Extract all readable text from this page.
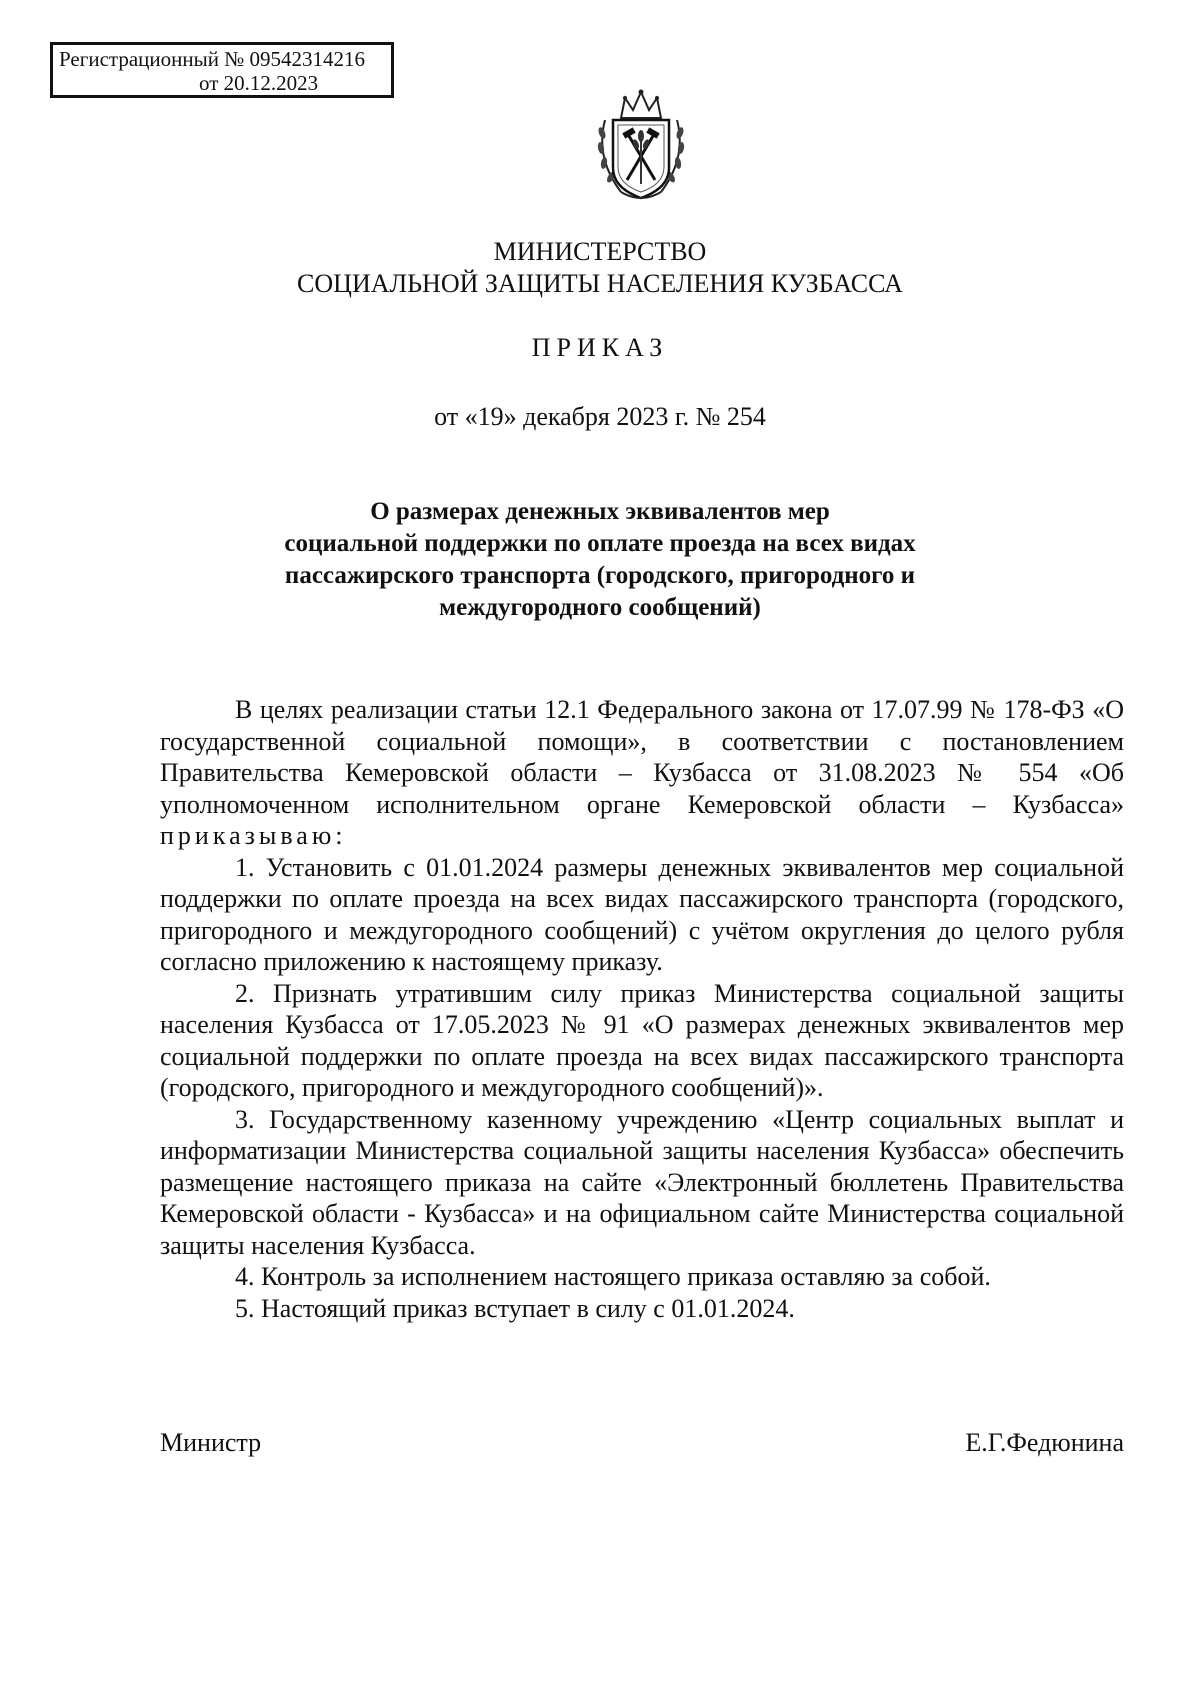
Регистрационный № 09542314216
от 20.12.2023
МИНИСТЕРСТВО
СОЦИАЛЬНОЙ ЗАЩИТЫ НАСЕЛЕНИЯ КУЗБАССА
ПРИКАЗ
от «19» декабря 2023 г. № 254
О размерах денежных эквивалентов мер
социальной поддержки по оплате проезда на всех видах
пассажирского транспорта (городского, пригородного и
междугородного сообщений)

В целях реализации статьи 12.1 Федерального закона от 17.07.99 № 178-ФЗ «О государственной социальной помощи», в соответствии с постановлением Правительства Кемеровской области – Кузбасса от 31.08.2023 № 554 «Об уполномоченном исполнительном органе Кемеровской области – Кузбасса» приказываю:

1. Установить с 01.01.2024 размеры денежных эквивалентов мер социальной поддержки по оплате проезда на всех видах пассажирского транспорта (городского, пригородного и междугородного сообщений) с учётом округления до целого рубля согласно приложению к настоящему приказу.

2. Признать утратившим силу приказ Министерства социальной защиты населения Кузбасса от 17.05.2023 № 91 «О размерах денежных эквивалентов мер социальной поддержки по оплате проезда на всех видах пассажирского транспорта (городского, пригородного и междугородного сообщений)».

3. Государственному казенному учреждению «Центр социальных выплат и информатизации Министерства социальной защиты населения Кузбасса» обеспечить размещение настоящего приказа на сайте «Электронный бюллетень Правительства Кемеровской области - Кузбасса» и на официальном сайте Министерства социальной защиты населения Кузбасса.

4. Контроль за исполнением настоящего приказа оставляю за собой.

5. Настоящий приказ вступает в силу с 01.01.2024.

Министр	Е.Г.Федюнина
